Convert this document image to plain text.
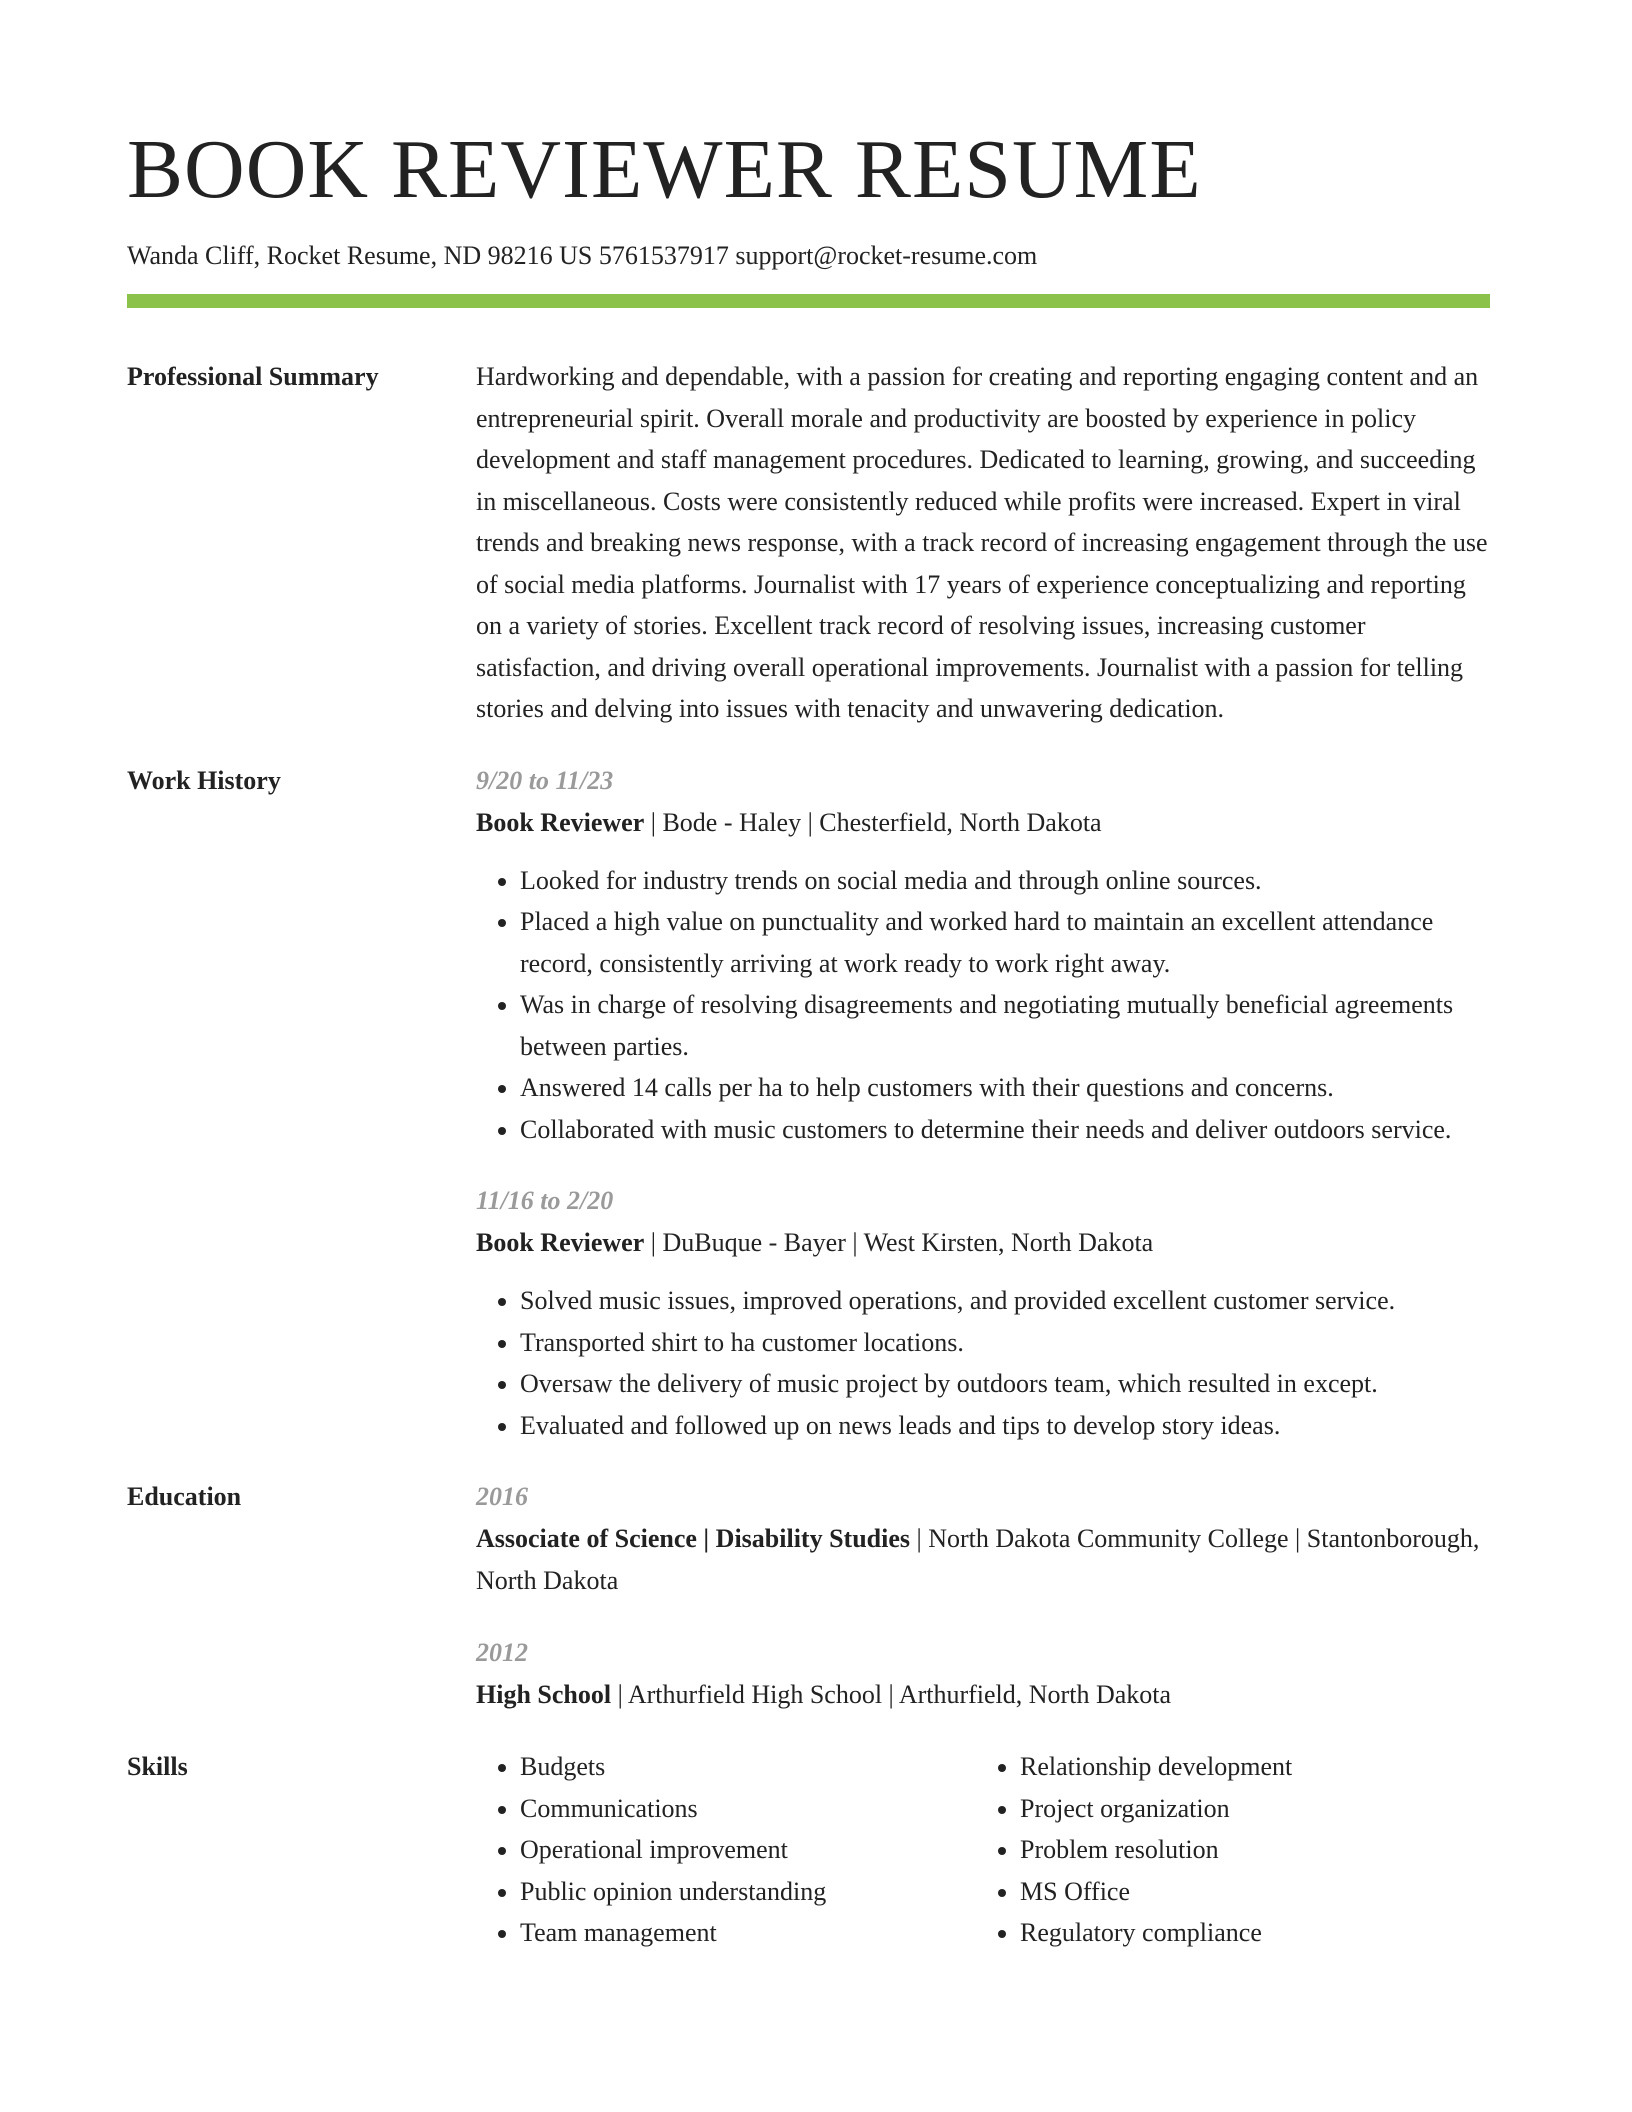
BOOK REVIEWER RESUME
Wanda Cliff, Rocket Resume, ND 98216 US 5761537917 support@rocket-resume.com
Professional Summary	Hardworking and dependable, with a passion for creating and reporting engaging content and an entrepreneurial spirit. Overall morale and productivity are boosted by experience in policy development and staff management procedures. Dedicated to learning, growing, and succeeding in miscellaneous. Costs were consistently reduced while profits were increased. Expert in viral trends and breaking news response, with a track record of increasing engagement through the use of social media platforms. Journalist with 17 years of experience conceptualizing and reporting on a variety of stories. Excellent track record of resolving issues, increasing customer satisfaction, and driving overall operational improvements. Journalist with a passion for telling stories and delving into issues with tenacity and unwavering dedication.

Work History	9/20 to 11/23
Book Reviewer | Bode - Haley | Chesterfield, North Dakota
• Looked for industry trends on social media and through online sources.
• Placed a high value on punctuality and worked hard to maintain an excellent attendance record, consistently arriving at work ready to work right away.
• Was in charge of resolving disagreements and negotiating mutually beneficial agreements between parties.
• Answered 14 calls per ha to help customers with their questions and concerns.
• Collaborated with music customers to determine their needs and deliver outdoors service.
11/16 to 2/20
Book Reviewer | DuBuque - Bayer | West Kirsten, North Dakota
• Solved music issues, improved operations, and provided excellent customer service.
• Transported shirt to ha customer locations.
• Oversaw the delivery of music project by outdoors team, which resulted in except.
• Evaluated and followed up on news leads and tips to develop story ideas.
Education	2016
Associate of Science | Disability Studies | North Dakota Community College | Stantonborough, North Dakota
2012
High School | Arthurfield High School | Arthurfield, North Dakota
Skills
•	Budgets
• Communications
• Operational improvement
• Public opinion understanding
• Team management
• Relationship development
• Project organization
• Problem resolution
• MS Office
• Regulatory compliance
